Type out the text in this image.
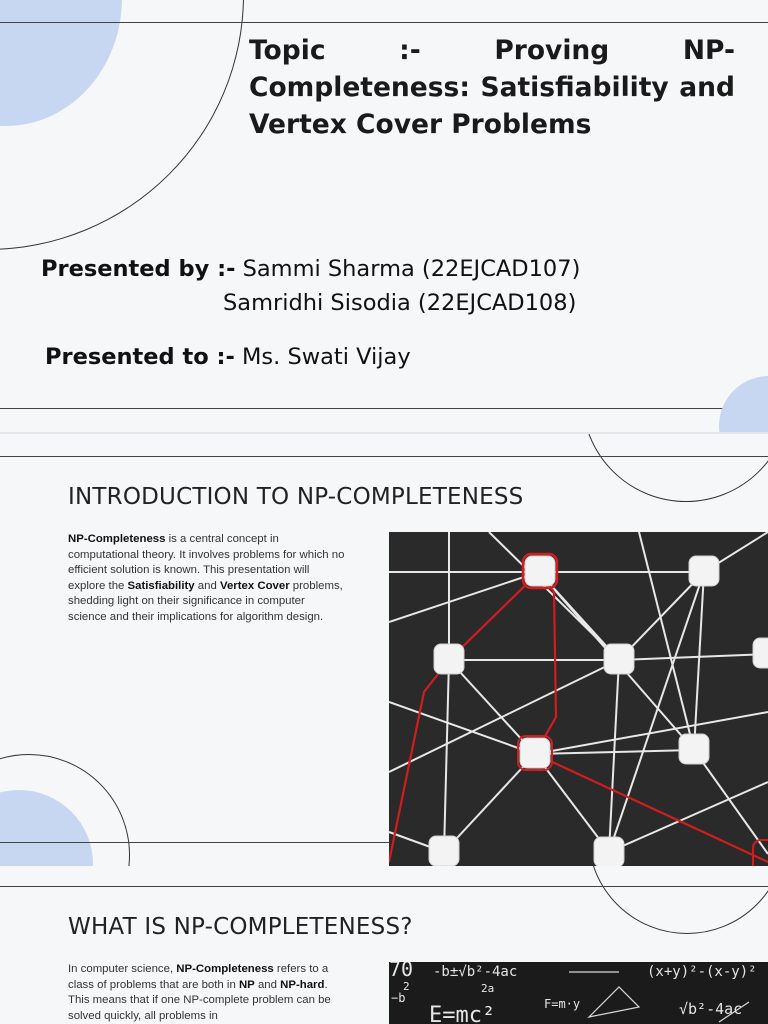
Topic :- Proving NP-Completeness: Satisfiability and Vertex Cover Problems
Presented by :- Sammi Sharma (22EJCAD107)
Samridhi Sisodia (22EJCAD108)
Presented to :- Ms. Swati Vijay
INTRODUCTION TO NP-COMPLETENESS
NP-Completeness is a central concept in computational theory. It involves problems for which no efficient solution is known. This presentation will explore the Satisfiability and Vertex Cover problems, shedding light on their significance in computer science and their implications for algorithm design.
WHAT IS NP-COMPLETENESS?
In computer science, NP-Completeness refers to a class of problems that are both in NP and NP-hard. This means that if one NP-complete problem can be solved quickly, all problems in
70 -b±√b²-4ac
2a
(x+y)²-(x-y)²
F=m·y
E=mc²	√b²-4ac
−b
2
